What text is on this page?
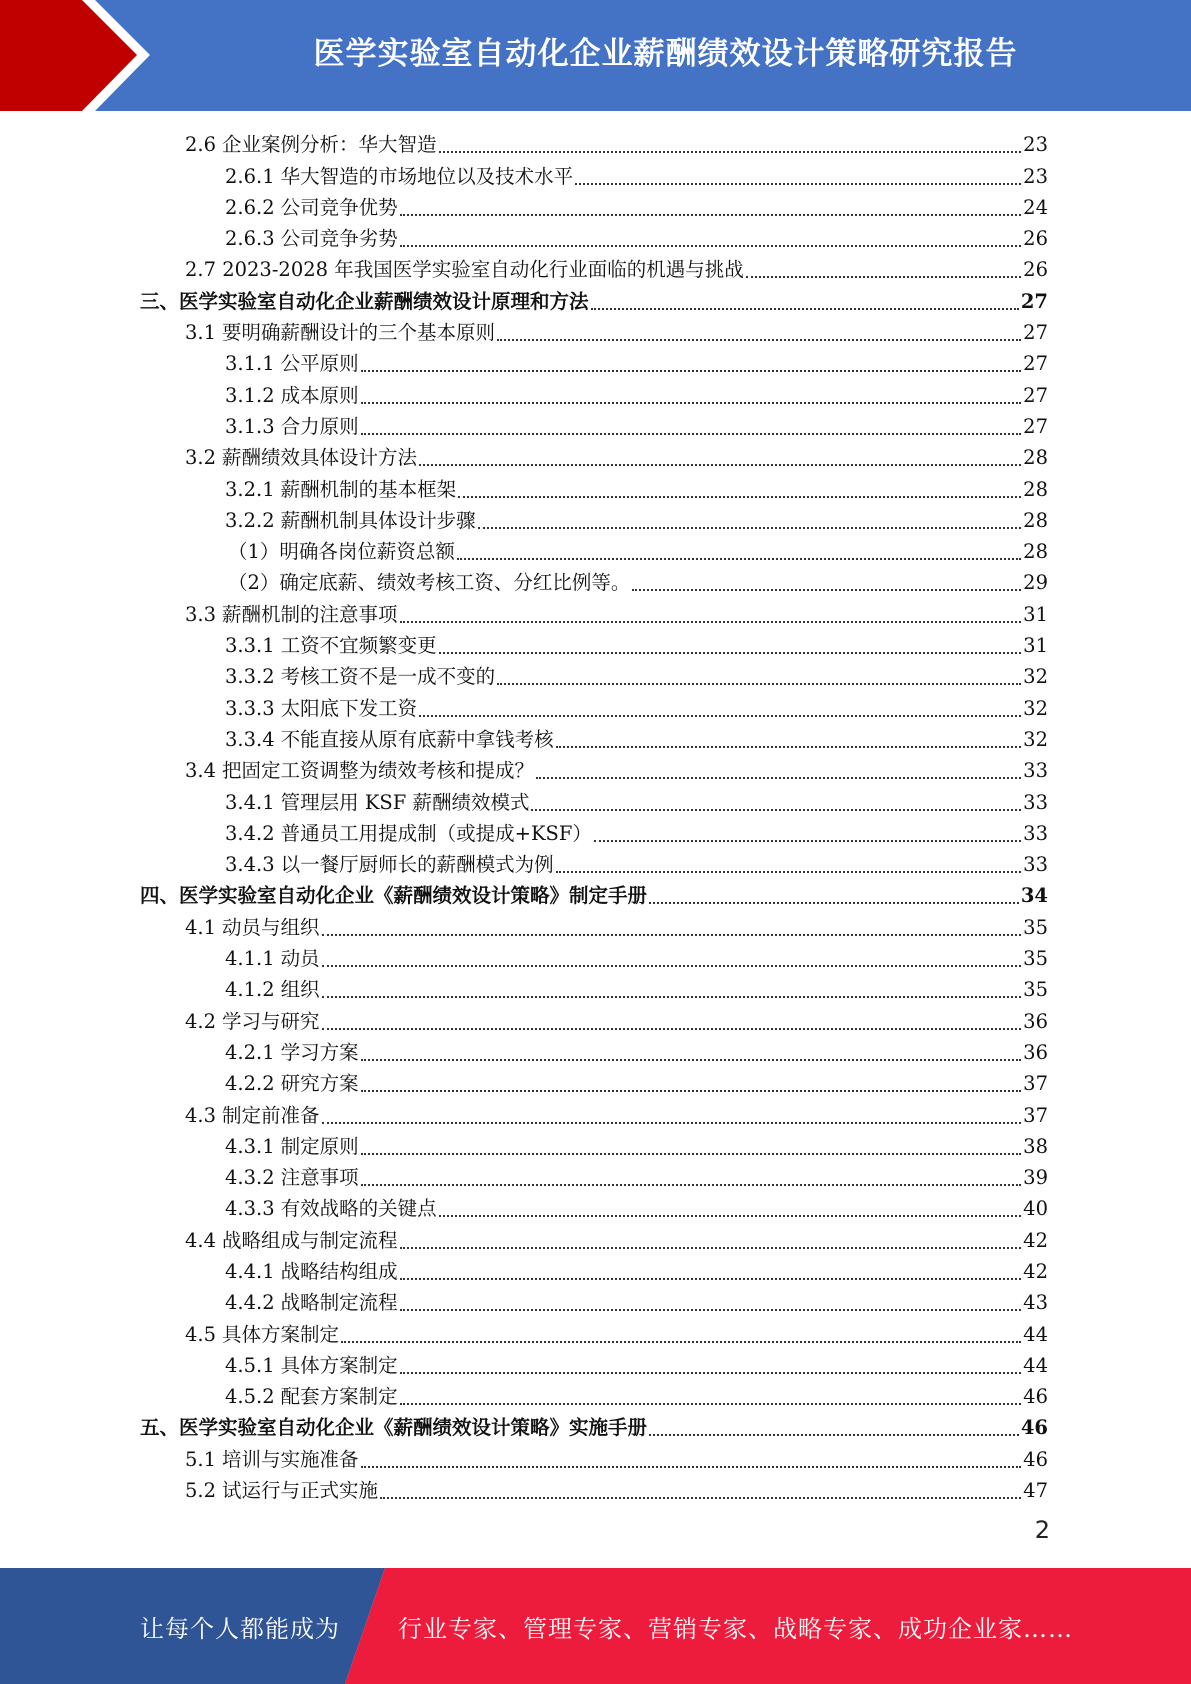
医学实验室自动化企业薪酬绩效设计策略研究报告
2.6 企业案例分析：华大智造	23
2.6.1 华大智造的市场地位以及技术水平	23
2.6.2 公司竞争优势	24
2.6.3 公司竞争劣势	26
2.7 2023-2028 年我国医学实验室自动化行业面临的机遇与挑战	26
三、医学实验室自动化企业薪酬绩效设计原理和方法	27
3.1 要明确薪酬设计的三个基本原则	27
3.1.1 公平原则	27
3.1.2 成本原则	27
3.1.3 合力原则	27
3.2 薪酬绩效具体设计方法	28
3.2.1 薪酬机制的基本框架	28
3.2.2 薪酬机制具体设计步骤	28
（1）明确各岗位薪资总额	28
（2）确定底薪、绩效考核工资、分红比例等。	29
3.3 薪酬机制的注意事项	31
3.3.1 工资不宜频繁变更	31
3.3.2 考核工资不是一成不变的	32
3.3.3 太阳底下发工资	32
3.3.4 不能直接从原有底薪中拿钱考核	32
3.4 把固定工资调整为绩效考核和提成？	33
3.4.1 管理层用 KSF 薪酬绩效模式	33
3.4.2 普通员工用提成制（或提成+KSF）	33
3.4.3 以一餐厅厨师长的薪酬模式为例	33
四、医学实验室自动化企业《薪酬绩效设计策略》制定手册	34
4.1 动员与组织	35
4.1.1 动员	35
4.1.2 组织	35
4.2 学习与研究	36
4.2.1 学习方案	36
4.2.2 研究方案	37
4.3 制定前准备	37
4.3.1 制定原则	38
4.3.2 注意事项	39
4.3.3 有效战略的关键点	40
4.4 战略组成与制定流程	42
4.4.1 战略结构组成	42
4.4.2 战略制定流程	43
4.5 具体方案制定	44
4.5.1 具体方案制定	44
4.5.2 配套方案制定	46
五、医学实验室自动化企业《薪酬绩效设计策略》实施手册	46
5.1 培训与实施准备	46
5.2 试运行与正式实施	47
2
让每个人都能成为 行业专家、管理专家、营销专家、战略专家、成功企业家……
